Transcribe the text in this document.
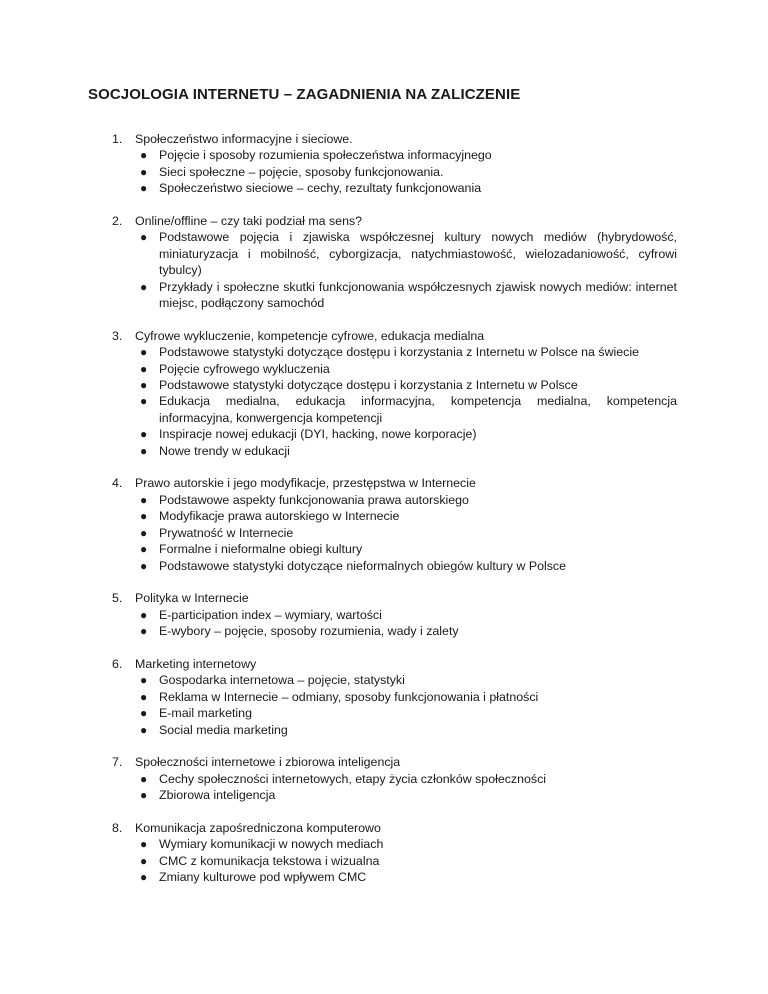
SOCJOLOGIA INTERNETU – ZAGADNIENIA NA ZALICZENIE
1.	Społeczeństwo informacyjne i sieciowe.
● Pojęcie i sposoby rozumienia społeczeństwa informacyjnego
● Sieci społeczne – pojęcie, sposoby funkcjonowania.
● Społeczeństwo sieciowe – cechy, rezultaty funkcjonowania
2.	Online/offline – czy taki podział ma sens?
● Podstawowe pojęcia i zjawiska współczesnej kultury nowych mediów (hybrydowość, miniaturyzacja i mobilność, cyborgizacja, natychmiastowość, wielozadaniowość, cyfrowi tybulcy)
● Przykłady i społeczne skutki funkcjonowania współczesnych zjawisk nowych mediów: internet miejsc, podłączony samochód
3.	Cyfrowe wykluczenie, kompetencje cyfrowe, edukacja medialna
● Podstawowe statystyki dotyczące dostępu i korzystania z Internetu w Polsce na świecie
● Pojęcie cyfrowego wykluczenia
● Podstawowe statystyki dotyczące dostępu i korzystania z Internetu w Polsce
● Edukacja medialna, edukacja informacyjna, kompetencja medialna, kompetencja informacyjna, konwergencja kompetencji
● Inspiracje nowej edukacji (DYI, hacking, nowe korporacje)
● Nowe trendy w edukacji
4.	Prawo autorskie i jego modyfikacje, przestępstwa w Internecie
● Podstawowe aspekty funkcjonowania prawa autorskiego
● Modyfikacje prawa autorskiego w Internecie
● Prywatność w Internecie
● Formalne i nieformalne obiegi kultury
● Podstawowe statystyki dotyczące nieformalnych obiegów kultury w Polsce
5.	Polityka w Internecie
● E-participation index – wymiary, wartości
● E-wybory – pojęcie, sposoby rozumienia, wady i zalety
6.	Marketing internetowy
● Gospodarka internetowa – pojęcie, statystyki
● Reklama w Internecie – odmiany, sposoby funkcjonowania i płatności
● E-mail marketing
● Social media marketing
7.	Społeczności internetowe i zbiorowa inteligencja
● Cechy społeczności internetowych, etapy życia członków społeczności
● Zbiorowa inteligencja
8.	Komunikacja zapośredniczona komputerowo
● Wymiary komunikacji w nowych mediach
● CMC z komunikacja tekstowa i wizualna
● Zmiany kulturowe pod wpływem CMC
